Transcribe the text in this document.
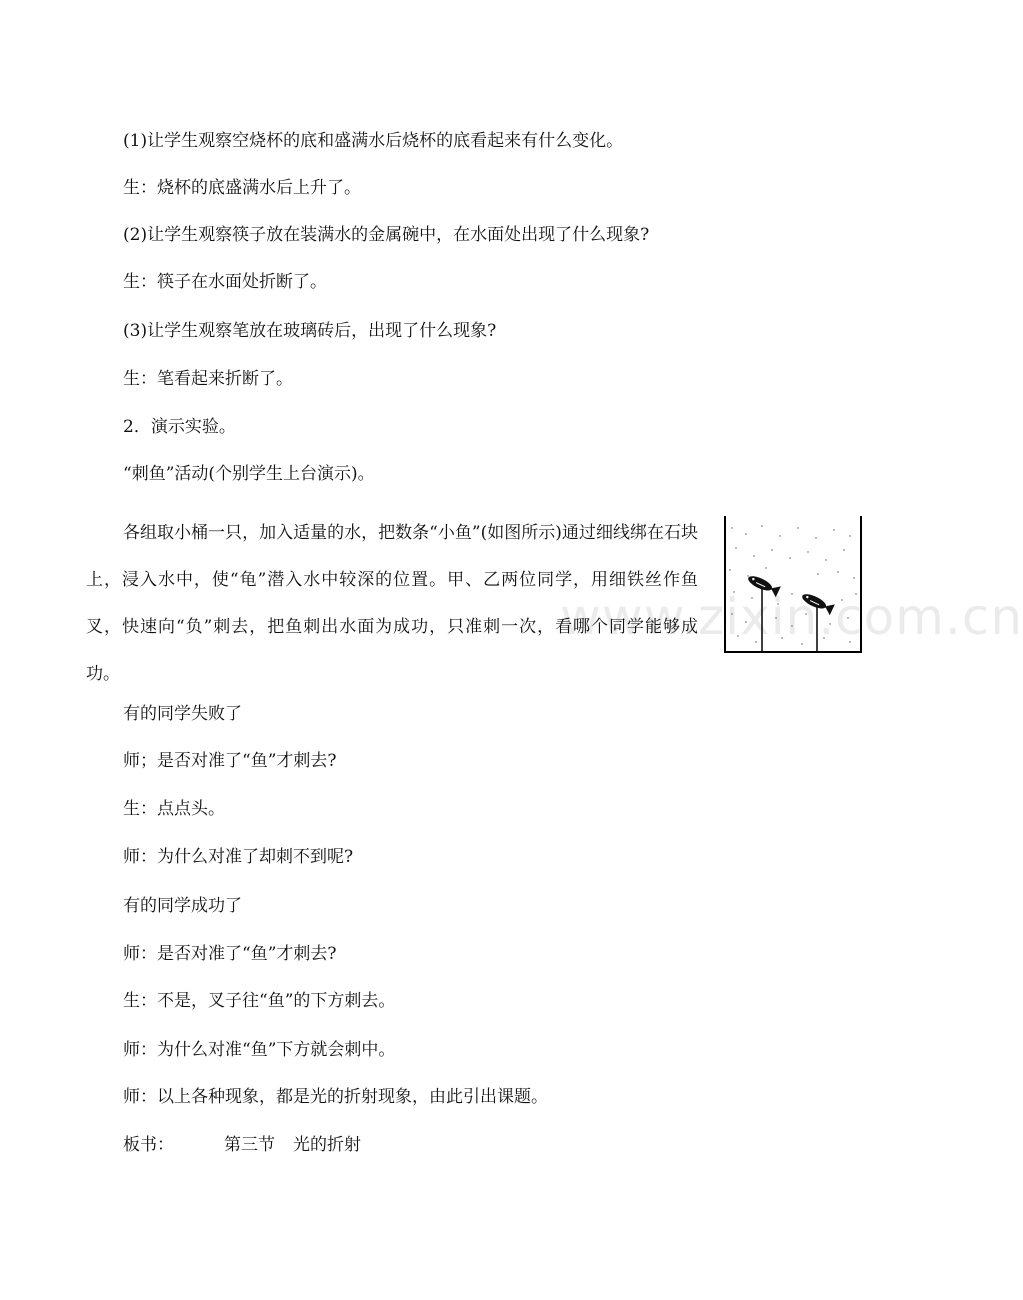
(1)让学生观察空烧杯的底和盛满水后烧杯的底看起来有什么变化。

生：烧杯的底盛满水后上升了。

(2)让学生观察筷子放在装满水的金属碗中，在水面处出现了什么现象?

生：筷子在水面处折断了。

(3)让学生观察笔放在玻璃砖后，出现了什么现象?

生：笔看起来折断了。

2．演示实验。

“刺鱼”活动(个别学生上台演示)。

各组取小桶一只，加入适量的水，把数条“小鱼”(如图所示)通过细线绑在石块上，浸入水中，使“龟”潜入水中较深的位置。甲、乙两位同学，用细铁丝作鱼叉，快速向“负”刺去，把鱼刺出水面为成功，只准刺一次，看哪个同学能够成功。

www.zixin.com.cn

有的同学失败了

师；是否对准了“鱼”才刺去?

生：点点头。

师：为什么对准了却刺不到呢?

有的同学成功了

师：是否对准了“鱼”才刺去?

生：不是，叉子往“鱼”的下方刺去。

师：为什么对准“鱼”下方就会刺中。

师：以上各种现象，都是光的折射现象，由此引出课题。

板书：	第三节 光的折射
